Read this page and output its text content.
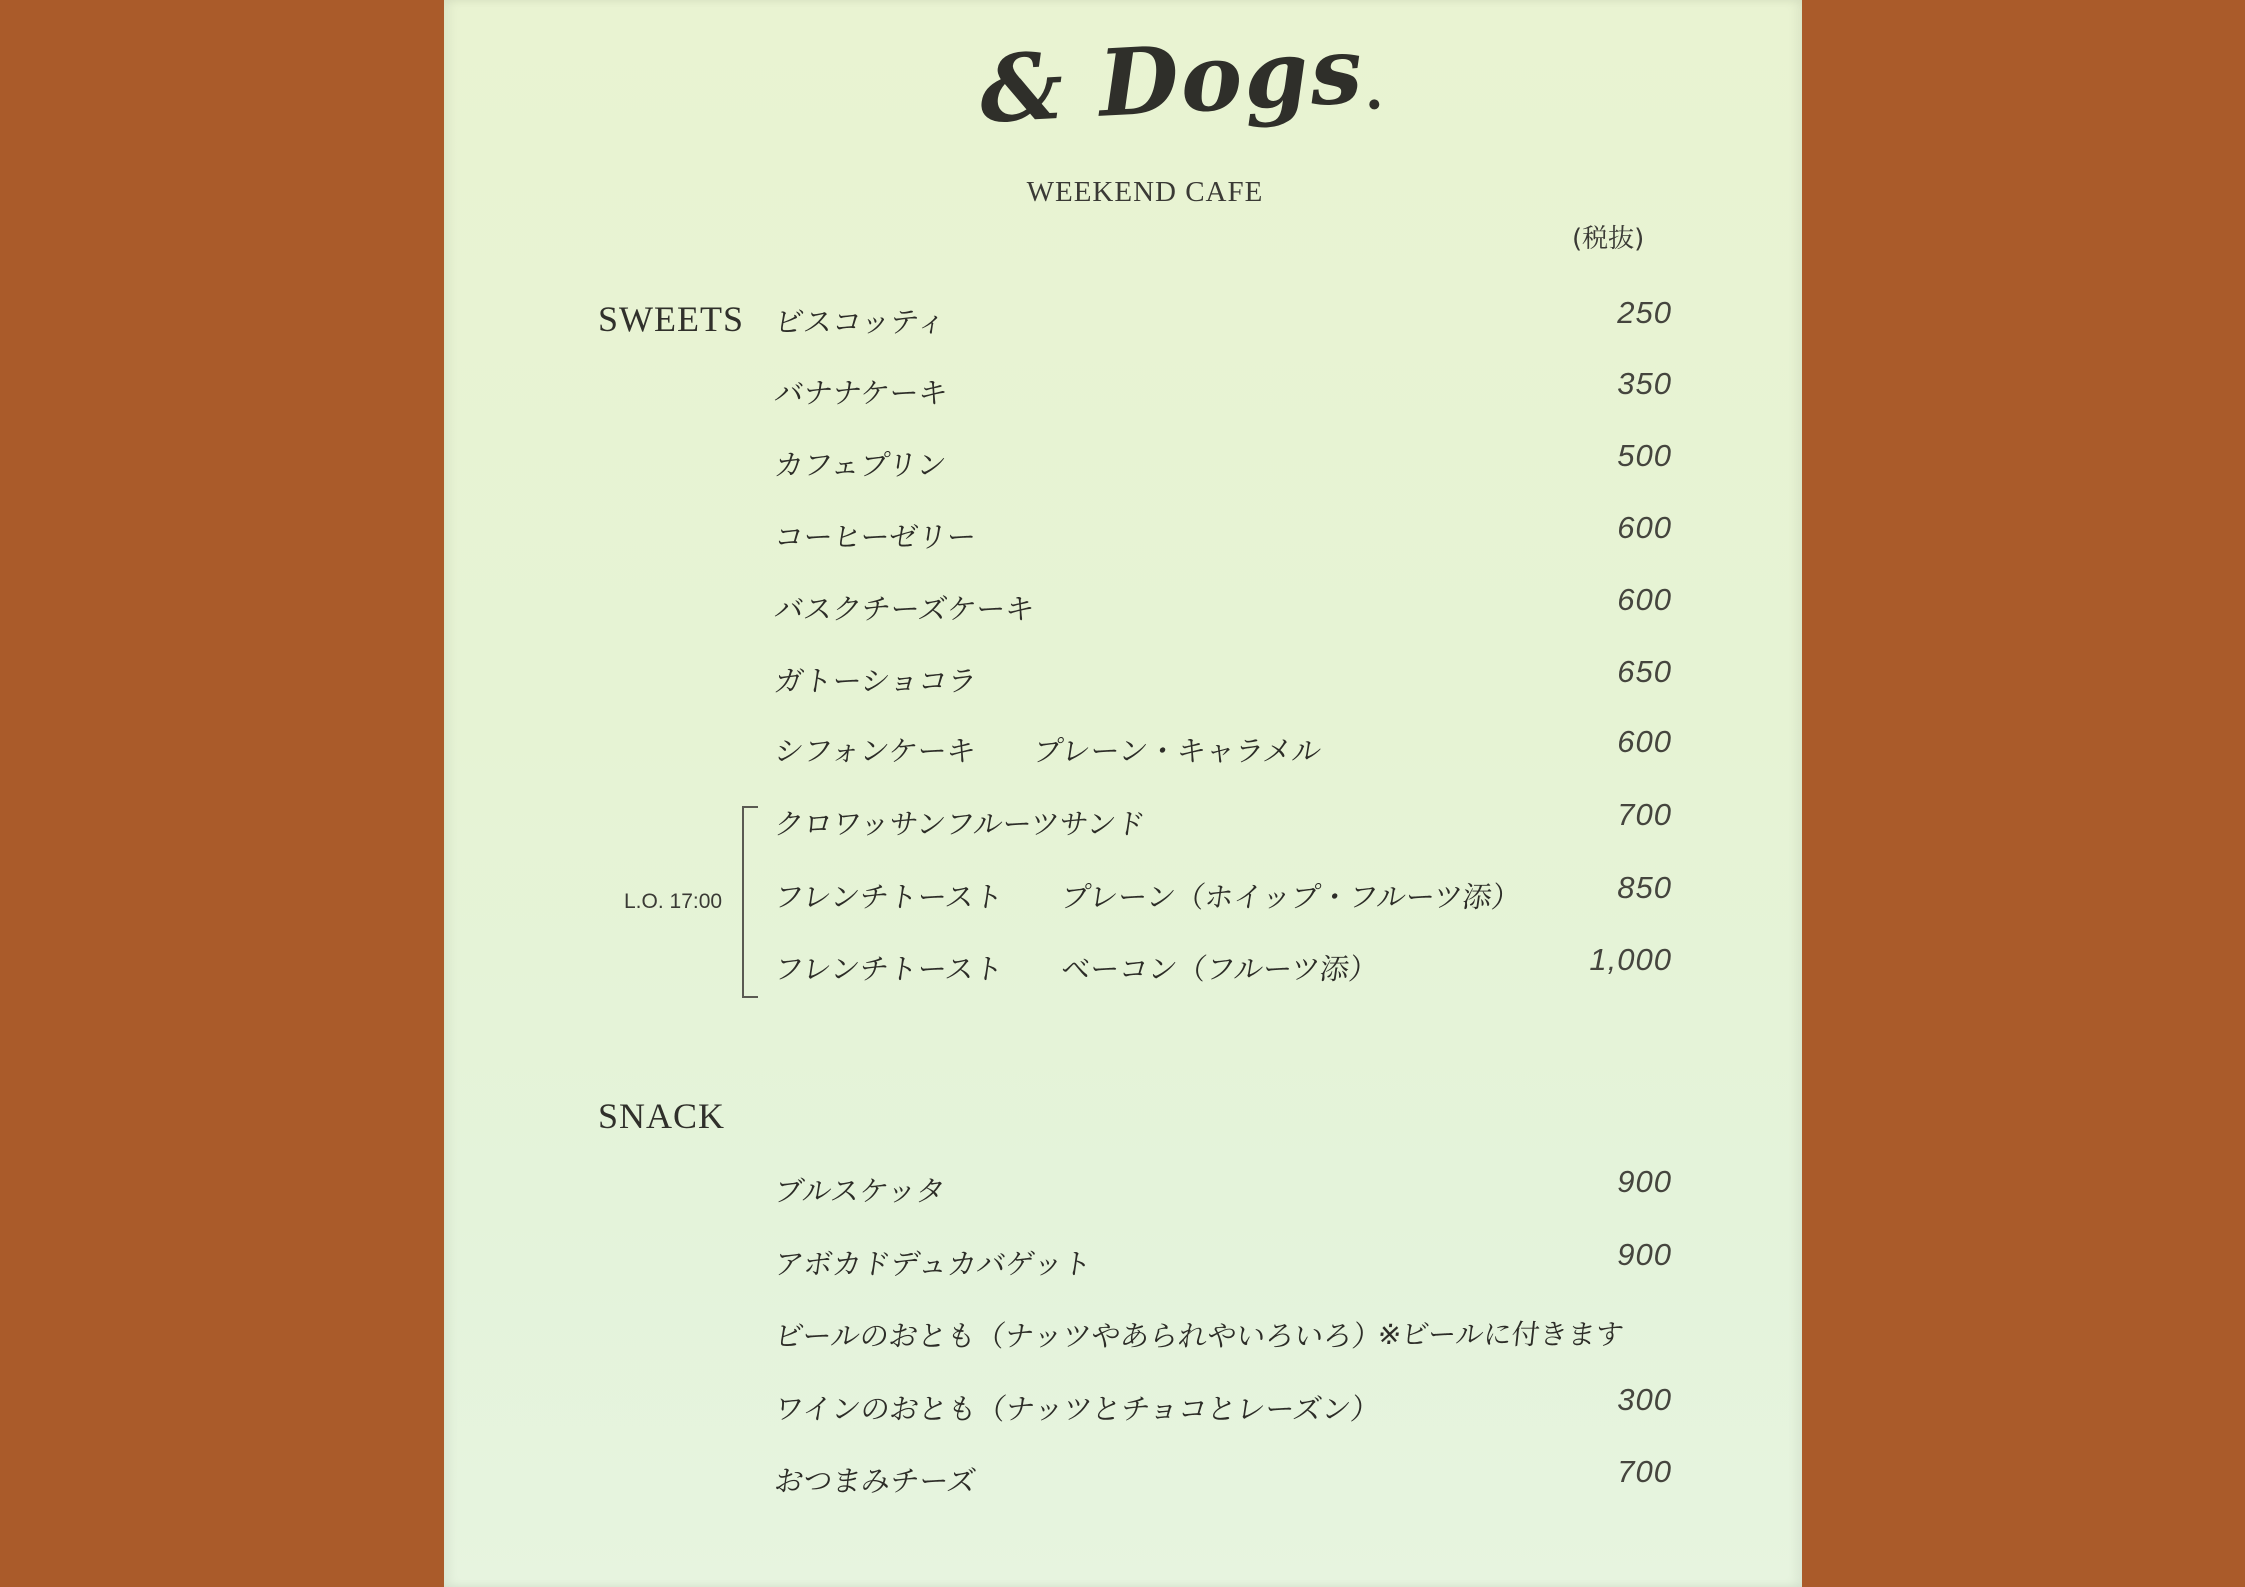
& Dogs
WEEKEND CAFE
(税抜)
SWEETS ビスコッティ	250
バナナケーキ	350
カフェプリン	500
コーヒーゼリー	600
バスクチーズケーキ	600
ガトーショコラ	650
シフォンケーキ　　プレーン・キャラメル	600
L.O. 17:00
クロワッサンフルーツサンド	700
フレンチトースト　　プレーン（ホイップ・フルーツ添）	850
フレンチトースト　　ベーコン（フルーツ添）	1,000
SNACK
ブルスケッタ	900
アボカドデュカバゲット	900
ビールのおとも（ナッツやあられやいろいろ）
※ビールに付きます
ワインのおとも（ナッツとチョコとレーズン）	300
おつまみチーズ	700
